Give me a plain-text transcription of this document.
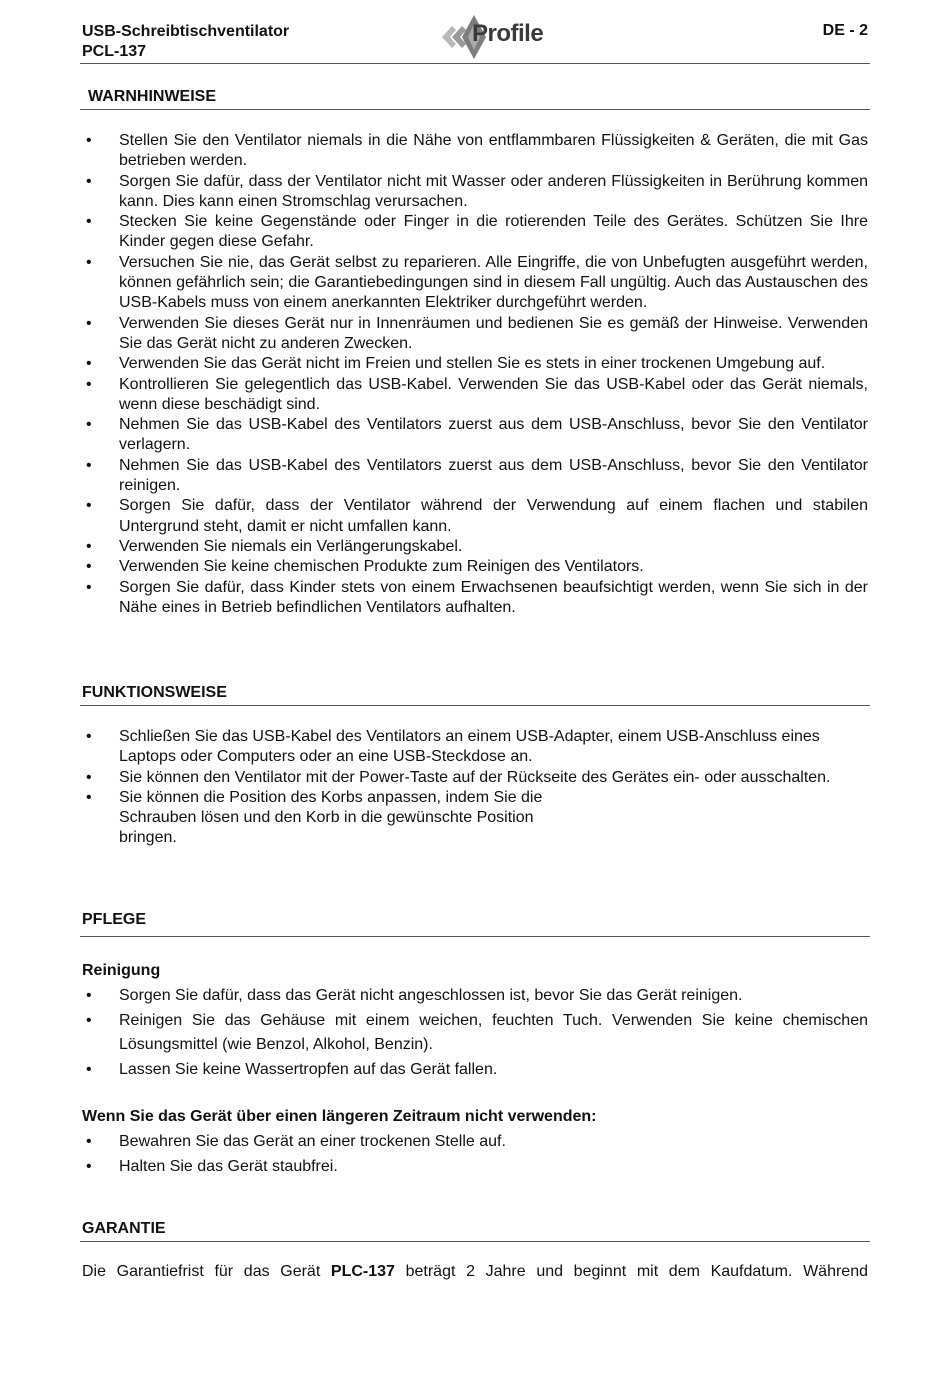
USB-Schreibtischventilator
PCL-137
Profile	DE - 2
WARNHINWEISE
• Stellen Sie den Ventilator niemals in die Nähe von entflammbaren Flüssigkeiten & Geräten, die mit Gas betrieben werden.
• Sorgen Sie dafür, dass der Ventilator nicht mit Wasser oder anderen Flüssigkeiten in Berührung kommen kann. Dies kann einen Stromschlag verursachen.
• Stecken Sie keine Gegenstände oder Finger in die rotierenden Teile des Gerätes. Schützen Sie Ihre Kinder gegen diese Gefahr.
• Versuchen Sie nie, das Gerät selbst zu reparieren. Alle Eingriffe, die von Unbefugten ausgeführt werden, können gefährlich sein; die Garantiebedingungen sind in diesem Fall ungültig. Auch das Austauschen des USB-Kabels muss von einem anerkannten Elektriker durchgeführt werden.
• Verwenden Sie dieses Gerät nur in Innenräumen und bedienen Sie es gemäß der Hinweise. Verwenden Sie das Gerät nicht zu anderen Zwecken.
• Verwenden Sie das Gerät nicht im Freien und stellen Sie es stets in einer trockenen Umgebung auf.
• Kontrollieren Sie gelegentlich das USB-Kabel. Verwenden Sie das USB-Kabel oder das Gerät niemals, wenn diese beschädigt sind.
• Nehmen Sie das USB-Kabel des Ventilators zuerst aus dem USB-Anschluss, bevor Sie den Ventilator verlagern.
• Nehmen Sie das USB-Kabel des Ventilators zuerst aus dem USB-Anschluss, bevor Sie den Ventilator reinigen.
• Sorgen Sie dafür, dass der Ventilator während der Verwendung auf einem flachen und stabilen Untergrund steht, damit er nicht umfallen kann.
• Verwenden Sie niemals ein Verlängerungskabel.
• Verwenden Sie keine chemischen Produkte zum Reinigen des Ventilators.
• Sorgen Sie dafür, dass Kinder stets von einem Erwachsenen beaufsichtigt werden, wenn Sie sich in der Nähe eines in Betrieb befindlichen Ventilators aufhalten.
FUNKTIONSWEISE
• Schließen Sie das USB-Kabel des Ventilators an einem USB-Adapter, einem USB-Anschluss eines Laptops oder Computers oder an eine USB-Steckdose an.
• Sie können den Ventilator mit der Power-Taste auf der Rückseite des Gerätes ein- oder ausschalten.
• Sie können die Position des Korbs anpassen, indem Sie die Schrauben lösen und den Korb in die gewünschte Position bringen.
PFLEGE
Reinigung
• Sorgen Sie dafür, dass das Gerät nicht angeschlossen ist, bevor Sie das Gerät reinigen.
• Reinigen Sie das Gehäuse mit einem weichen, feuchten Tuch. Verwenden Sie keine chemischen Lösungsmittel (wie Benzol, Alkohol, Benzin).
• Lassen Sie keine Wassertropfen auf das Gerät fallen.
Wenn Sie das Gerät über einen längeren Zeitraum nicht verwenden:
• Bewahren Sie das Gerät an einer trockenen Stelle auf.
• Halten Sie das Gerät staubfrei.
GARANTIE
Die Garantiefrist für das Gerät PLC-137 beträgt 2 Jahre und beginnt mit dem Kaufdatum. Während
